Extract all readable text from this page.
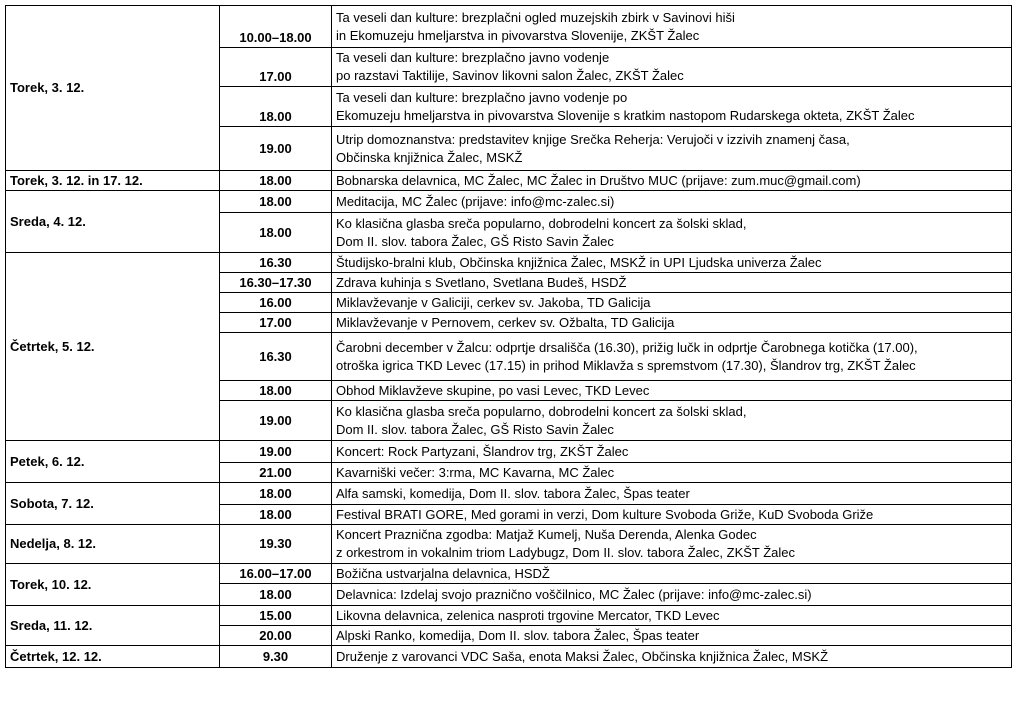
Torek, 3. 12.	10.00–18.00	Ta veseli dan kulture: brezplačni ogled muzejskih zbirk v Savinovi hiši
in Ekomuzeju hmeljarstva in pivovarstva Slovenije, ZKŠT Žalec

	17.00	Ta veseli dan kulture: brezplačno javno vodenje
po razstavi Taktilije, Savinov likovni salon Žalec, ZKŠT Žalec

	18.00	Ta veseli dan kulture: brezplačno javno vodenje po
Ekomuzeju hmeljarstva in pivovarstva Slovenije s kratkim nastopom Rudarskega okteta, ZKŠT Žalec

	19.00	Utrip domoznanstva: predstavitev knjige Srečka Reherja: Verujoči v izzivih znamenj časa,
Občinska knjižnica Žalec, MSKŽ

Torek, 3. 12. in 17. 12.	18.00	Bobnarska delavnica, MC Žalec, MC Žalec in Društvo MUC (prijave: zum.muc@gmail.com)

Sreda, 4. 12.	18.00	Meditacija, MC Žalec (prijave: info@mc-zalec.si)

	18.00	Ko klasična glasba sreča popularno, dobrodelni koncert za šolski sklad,
Dom II. slov. tabora Žalec, GŠ Risto Savin Žalec

Četrtek, 5. 12.	16.30	Študijsko-bralni klub, Občinska knjižnica Žalec, MSKŽ in UPI Ljudska univerza Žalec

	16.30–17.30	Zdrava kuhinja s Svetlano, Svetlana Budeš, HSDŽ

	16.00	Miklavževanje v Galiciji, cerkev sv. Jakoba, TD Galicija

	17.00	Miklavževanje v Pernovem, cerkev sv. Ožbalta, TD Galicija

	16.30	Čarobni december v Žalcu: odprtje drsališča (16.30), prižig lučk in odprtje Čarobnega kotička (17.00),
otroška igrica TKD Levec (17.15) in prihod Miklavža s spremstvom (17.30), Šlandrov trg, ZKŠT Žalec

	18.00	Obhod Miklavževe skupine, po vasi Levec, TKD Levec

	19.00	Ko klasična glasba sreča popularno, dobrodelni koncert za šolski sklad,
Dom II. slov. tabora Žalec, GŠ Risto Savin Žalec

Petek, 6. 12.	19.00	Koncert: Rock Partyzani, Šlandrov trg, ZKŠT Žalec

	21.00	Kavarniški večer: 3:rma, MC Kavarna, MC Žalec

Sobota, 7. 12.	18.00	Alfa samski, komedija, Dom II. slov. tabora Žalec, Špas teater

	18.00	Festival BRATI GORE, Med gorami in verzi, Dom kulture Svoboda Griže, KuD Svoboda Griže

Nedelja, 8. 12.	19.30	Koncert Praznična zgodba: Matjaž Kumelj, Nuša Derenda, Alenka Godec
z orkestrom in vokalnim triom Ladybugz, Dom II. slov. tabora Žalec, ZKŠT Žalec

Torek, 10. 12.	16.00–17.00	Božična ustvarjalna delavnica, HSDŽ

	18.00	Delavnica: Izdelaj svojo praznično voščilnico, MC Žalec (prijave: info@mc-zalec.si)

Sreda, 11. 12.	15.00	Likovna delavnica, zelenica nasproti trgovine Mercator, TKD Levec

	20.00	Alpski Ranko, komedija, Dom II. slov. tabora Žalec, Špas teater

Četrtek, 12. 12.	9.30	Druženje z varovanci VDC Saša, enota Maksi Žalec, Občinska knjižnica Žalec, MSKŽ
